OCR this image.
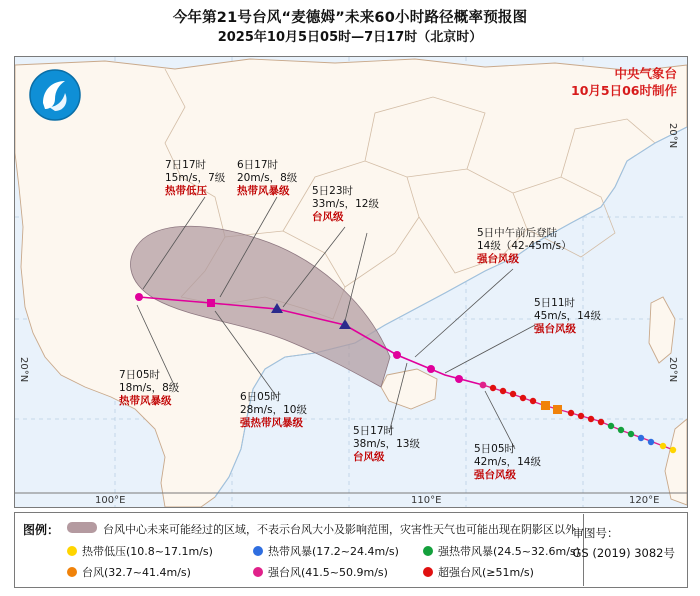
今年第21号台风“麦德姆”未来60小时路径概率预报图
2025年10月5日05时—7日17时（北京时）
中央气象台
10月5日06时制作
7日17时
15m/s，7级
热带低压
6日17时
20m/s，8级
热带风暴级	5日23时
33m/s，12级
台风级
5日中午前后登陆
14级（42-45m/s）
强台风级
5日11时
45m/s，14级
强台风级
7日05时
18m/s，8级
热带风暴级	6日05时
28m/s，10级
强热带风暴级
5日17时
38m/s，13级
台风级
5日05时
42m/s，14级
强台风级
100°E	110°E	120°E
20°N
20°N
20°N
图例：	台风中心未来可能经过的区域，不表示台风大小及影响范围，灾害性天气也可能出现在阴影区以外
热带低压(10.8~17.1m/s)	热带风暴(17.2~24.4m/s)	强热带风暴(24.5~32.6m/s)
台风(32.7~41.4m/s)	强台风(41.5~50.9m/s)	超强台风(≥51m/s)
审图号：
GS (2019) 3082号
